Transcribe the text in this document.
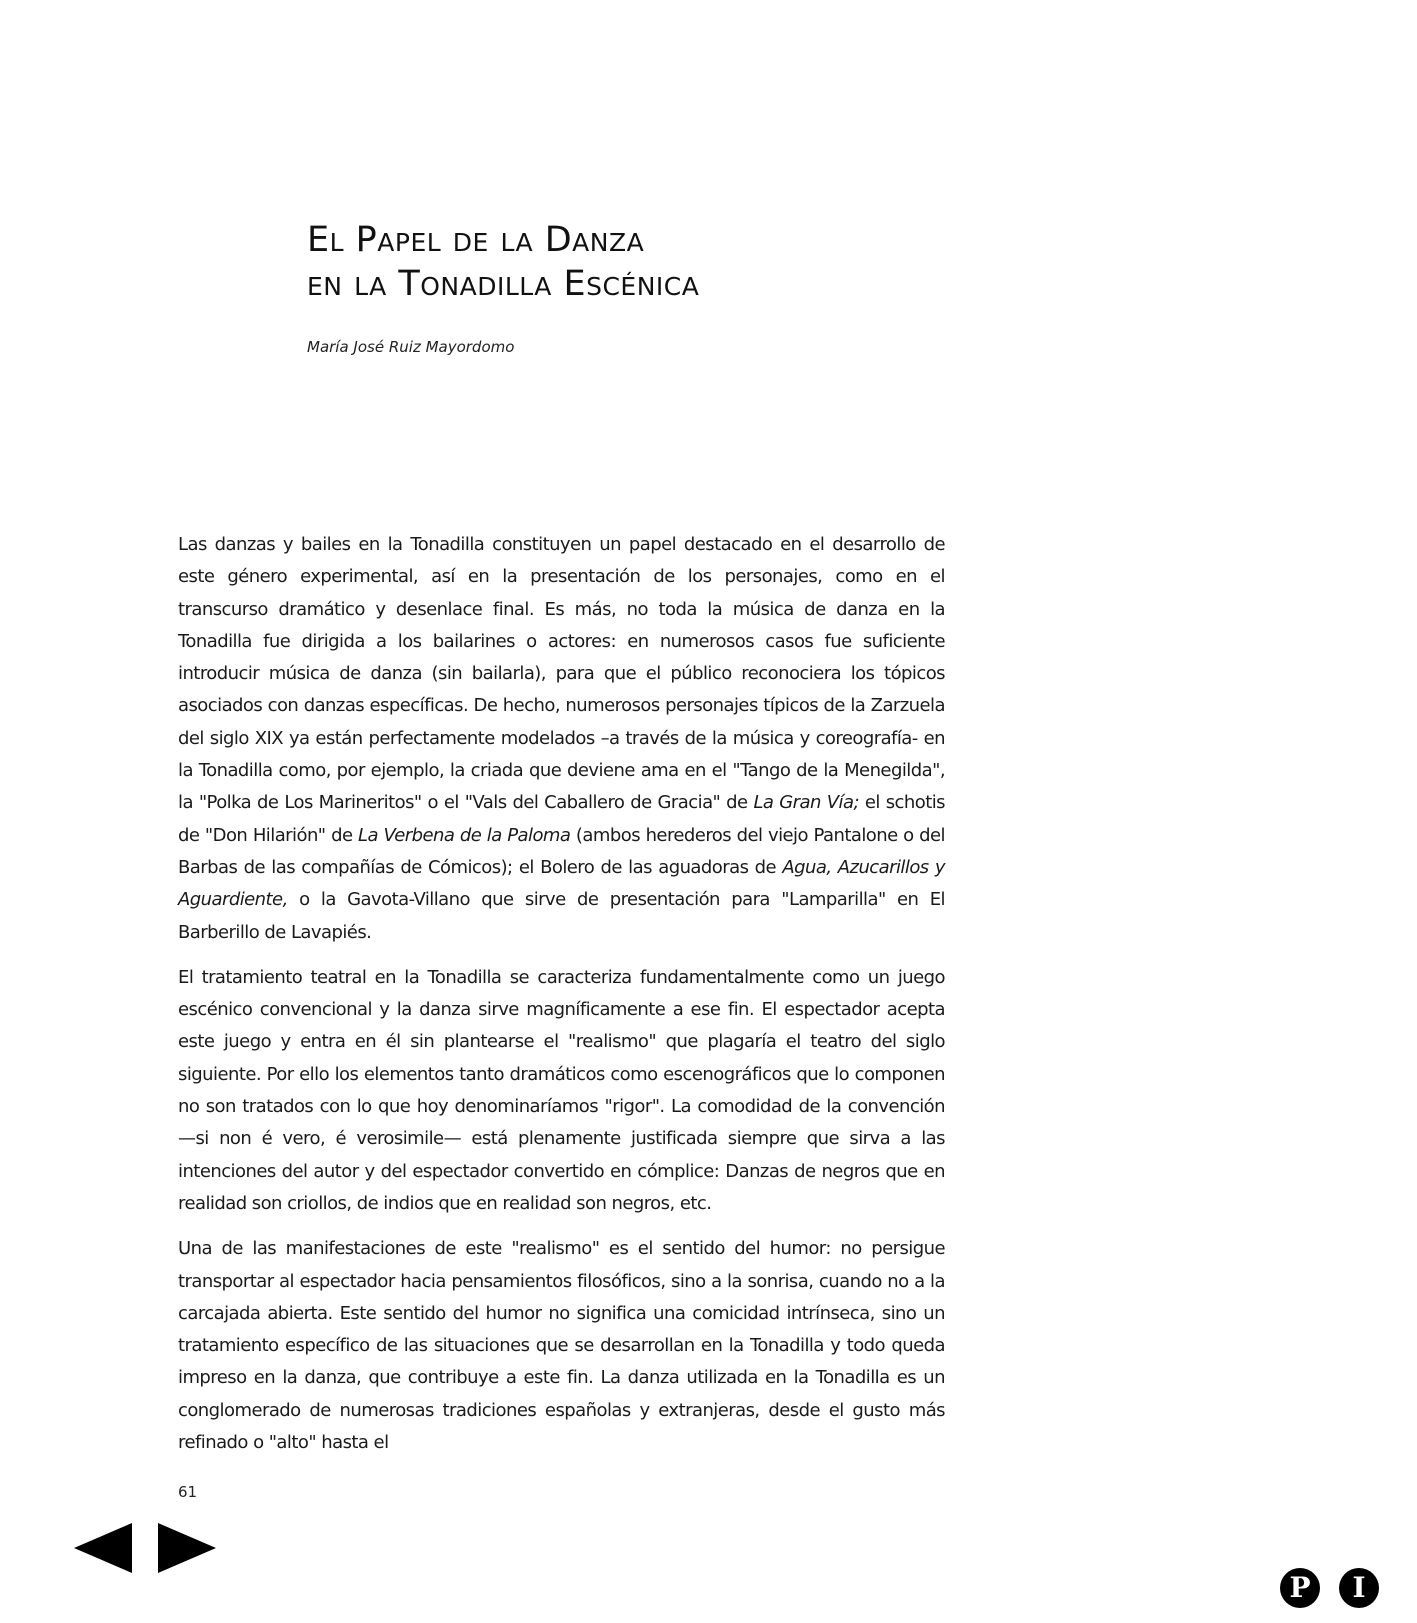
El Papel de la Danza
en la Tonadilla Escénica
María José Ruiz Mayordomo

Las danzas y bailes en la Tonadilla constituyen un papel destacado en el desarrollo de este género experimental, así en la presentación de los personajes, como en el transcurso dramático y desenlace final. Es más, no toda la música de danza en la Tonadilla fue dirigida a los bailarines o actores: en numerosos casos fue suficiente introducir música de danza (sin bailarla), para que el público reconociera los tópicos asociados con danzas específicas. De hecho, numerosos personajes típicos de la Zarzuela del siglo XIX ya están perfectamente modelados –a través de la música y coreografía- en la Tonadilla como, por ejemplo, la criada que deviene ama en el "Tango de la Menegilda", la "Polka de Los Marineritos" o el "Vals del Caballero de Gracia" de La Gran Vía; el schotis de "Don Hilarión" de La Verbena de la Paloma (ambos herederos del viejo Pantalone o del Barbas de las compañías de Cómicos); el Bolero de las aguadoras de Agua, Azucarillos y Aguardiente, o la Gavota-Villano que sirve de presentación para "Lamparilla" en El Barberillo de Lavapiés.

El tratamiento teatral en la Tonadilla se caracteriza fundamentalmente como un juego escénico convencional y la danza sirve magníficamente a ese fin. El espectador acepta este juego y entra en él sin plantearse el "realismo" que plagaría el teatro del siglo siguiente. Por ello los elementos tanto dramáticos como escenográficos que lo componen no son tratados con lo que hoy denominaríamos "rigor". La comodidad de la convención —si non é vero, é verosimile— está plenamente justificada siempre que sirva a las intenciones del autor y del espectador convertido en cómplice: Danzas de negros que en realidad son criollos, de indios que en realidad son negros, etc.

Una de las manifestaciones de este "realismo" es el sentido del humor: no persigue transportar al espectador hacia pensamientos filosóficos, sino a la sonrisa, cuando no a la carcajada abierta. Este sentido del humor no significa una comicidad intrínseca, sino un tratamiento específico de las situaciones que se desarrollan en la Tonadilla y todo queda impreso en la danza, que contribuye a este fin. La danza utilizada en la Tonadilla es un conglomerado de numerosas tradiciones españolas y extranjeras, desde el gusto más refinado o "alto" hasta el

61
P I
